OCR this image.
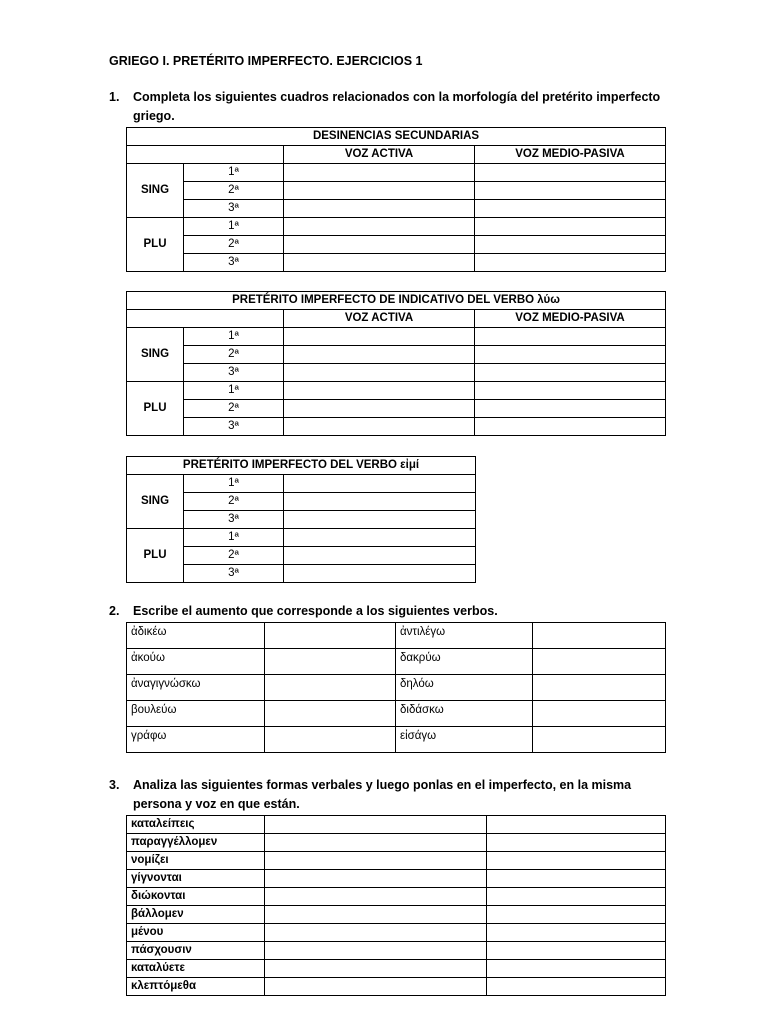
GRIEGO I. PRETÉRITO IMPERFECTO. EJERCICIOS 1
1. Completa los siguientes cuadros relacionados con la morfología del pretérito imperfecto
griego.
DESINENCIAS SECUNDARIAS			
		VOZ ACTIVA	VOZ MEDIO-PASIVA
SING	1ª		
	2ª		
	3ª		
PLU	1ª		
	2ª		
	3ª		
PRETÉRITO IMPERFECTO DE INDICATIVO DEL VERBO λύω			
		VOZ ACTIVA	VOZ MEDIO-PASIVA
SING	1ª		
	2ª		
	3ª		
PLU	1ª		
	2ª		
	3ª		
PRETÉRITO IMPERFECTO DEL VERBO εἰμί		
SING	1ª	
	2ª	
	3ª	
PLU	1ª	
	2ª	
	3ª	
2. Escribe el aumento que corresponde a los siguientes verbos.
ἀδικέω		ἀντιλέγω	
ἀκούω		δακρύω	
ἀναγιγνώσκω		δηλόω	
βουλεύω		διδάσκω	
γράφω		εἰσάγω	
3. Analiza las siguientes formas verbales y luego ponlas en el imperfecto, en la misma
persona y voz en que están.
καταλείπεις		
παραγγέλλομεν		
νομίζει		
γίγνονται		
διώκονται		
βάλλομεν		
μένου		
πάσχουσιν		
καταλύετε		
κλεπτόμεθα		
